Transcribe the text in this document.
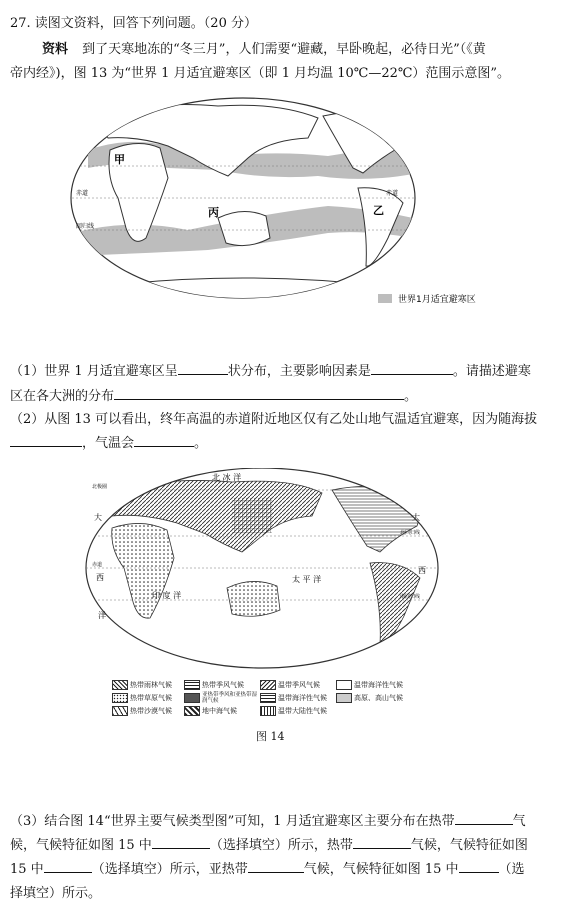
27. 读图文资料，回答下列问题。（20 分）
资料 到了天寒地冻的“冬三月”，人们需要“避藏，早卧晚起，必待日光”（《黄
帝内经》)，图 13 为“世界 1 月适宜避寒区（即 1 月均温 10℃—22℃）范围示意图”。
赤道
回归线
赤道
甲
丙	乙
世界1月适宜避寒区
（1）世界 1 月适宜避寒区呈	状分布，主要影响因素是	。请描述避寒
区在各大洲的分布	。
（2）从图 13 可以看出，终年高温的赤道附近地区仅有乙处山地气温适宜避寒，因为随海拔
，气温会	。
北 冰 洋
北极圈
北回归线
赤道
南回归线
印 度 洋
太 平 洋
大
西
洋
大
西
热带雨林气候	热带季风气候	温带季风气候	温带海洋性气候
热带草原气候	亚热带季风和亚热带湿润气候	温带海洋性气候	高原、高山气候
热带沙漠气候	地中海气候	温带大陆性气候
图 14
（3）结合图 14“世界主要气候类型图”可知，1 月适宜避寒区主要分布在热带	气
候，气候特征如图 15 中	（选择填空）所示，热带	气候，气候特征如图
15 中	（选择填空）所示，亚热带	气候，气候特征如图 15 中	（选
择填空）所示。
